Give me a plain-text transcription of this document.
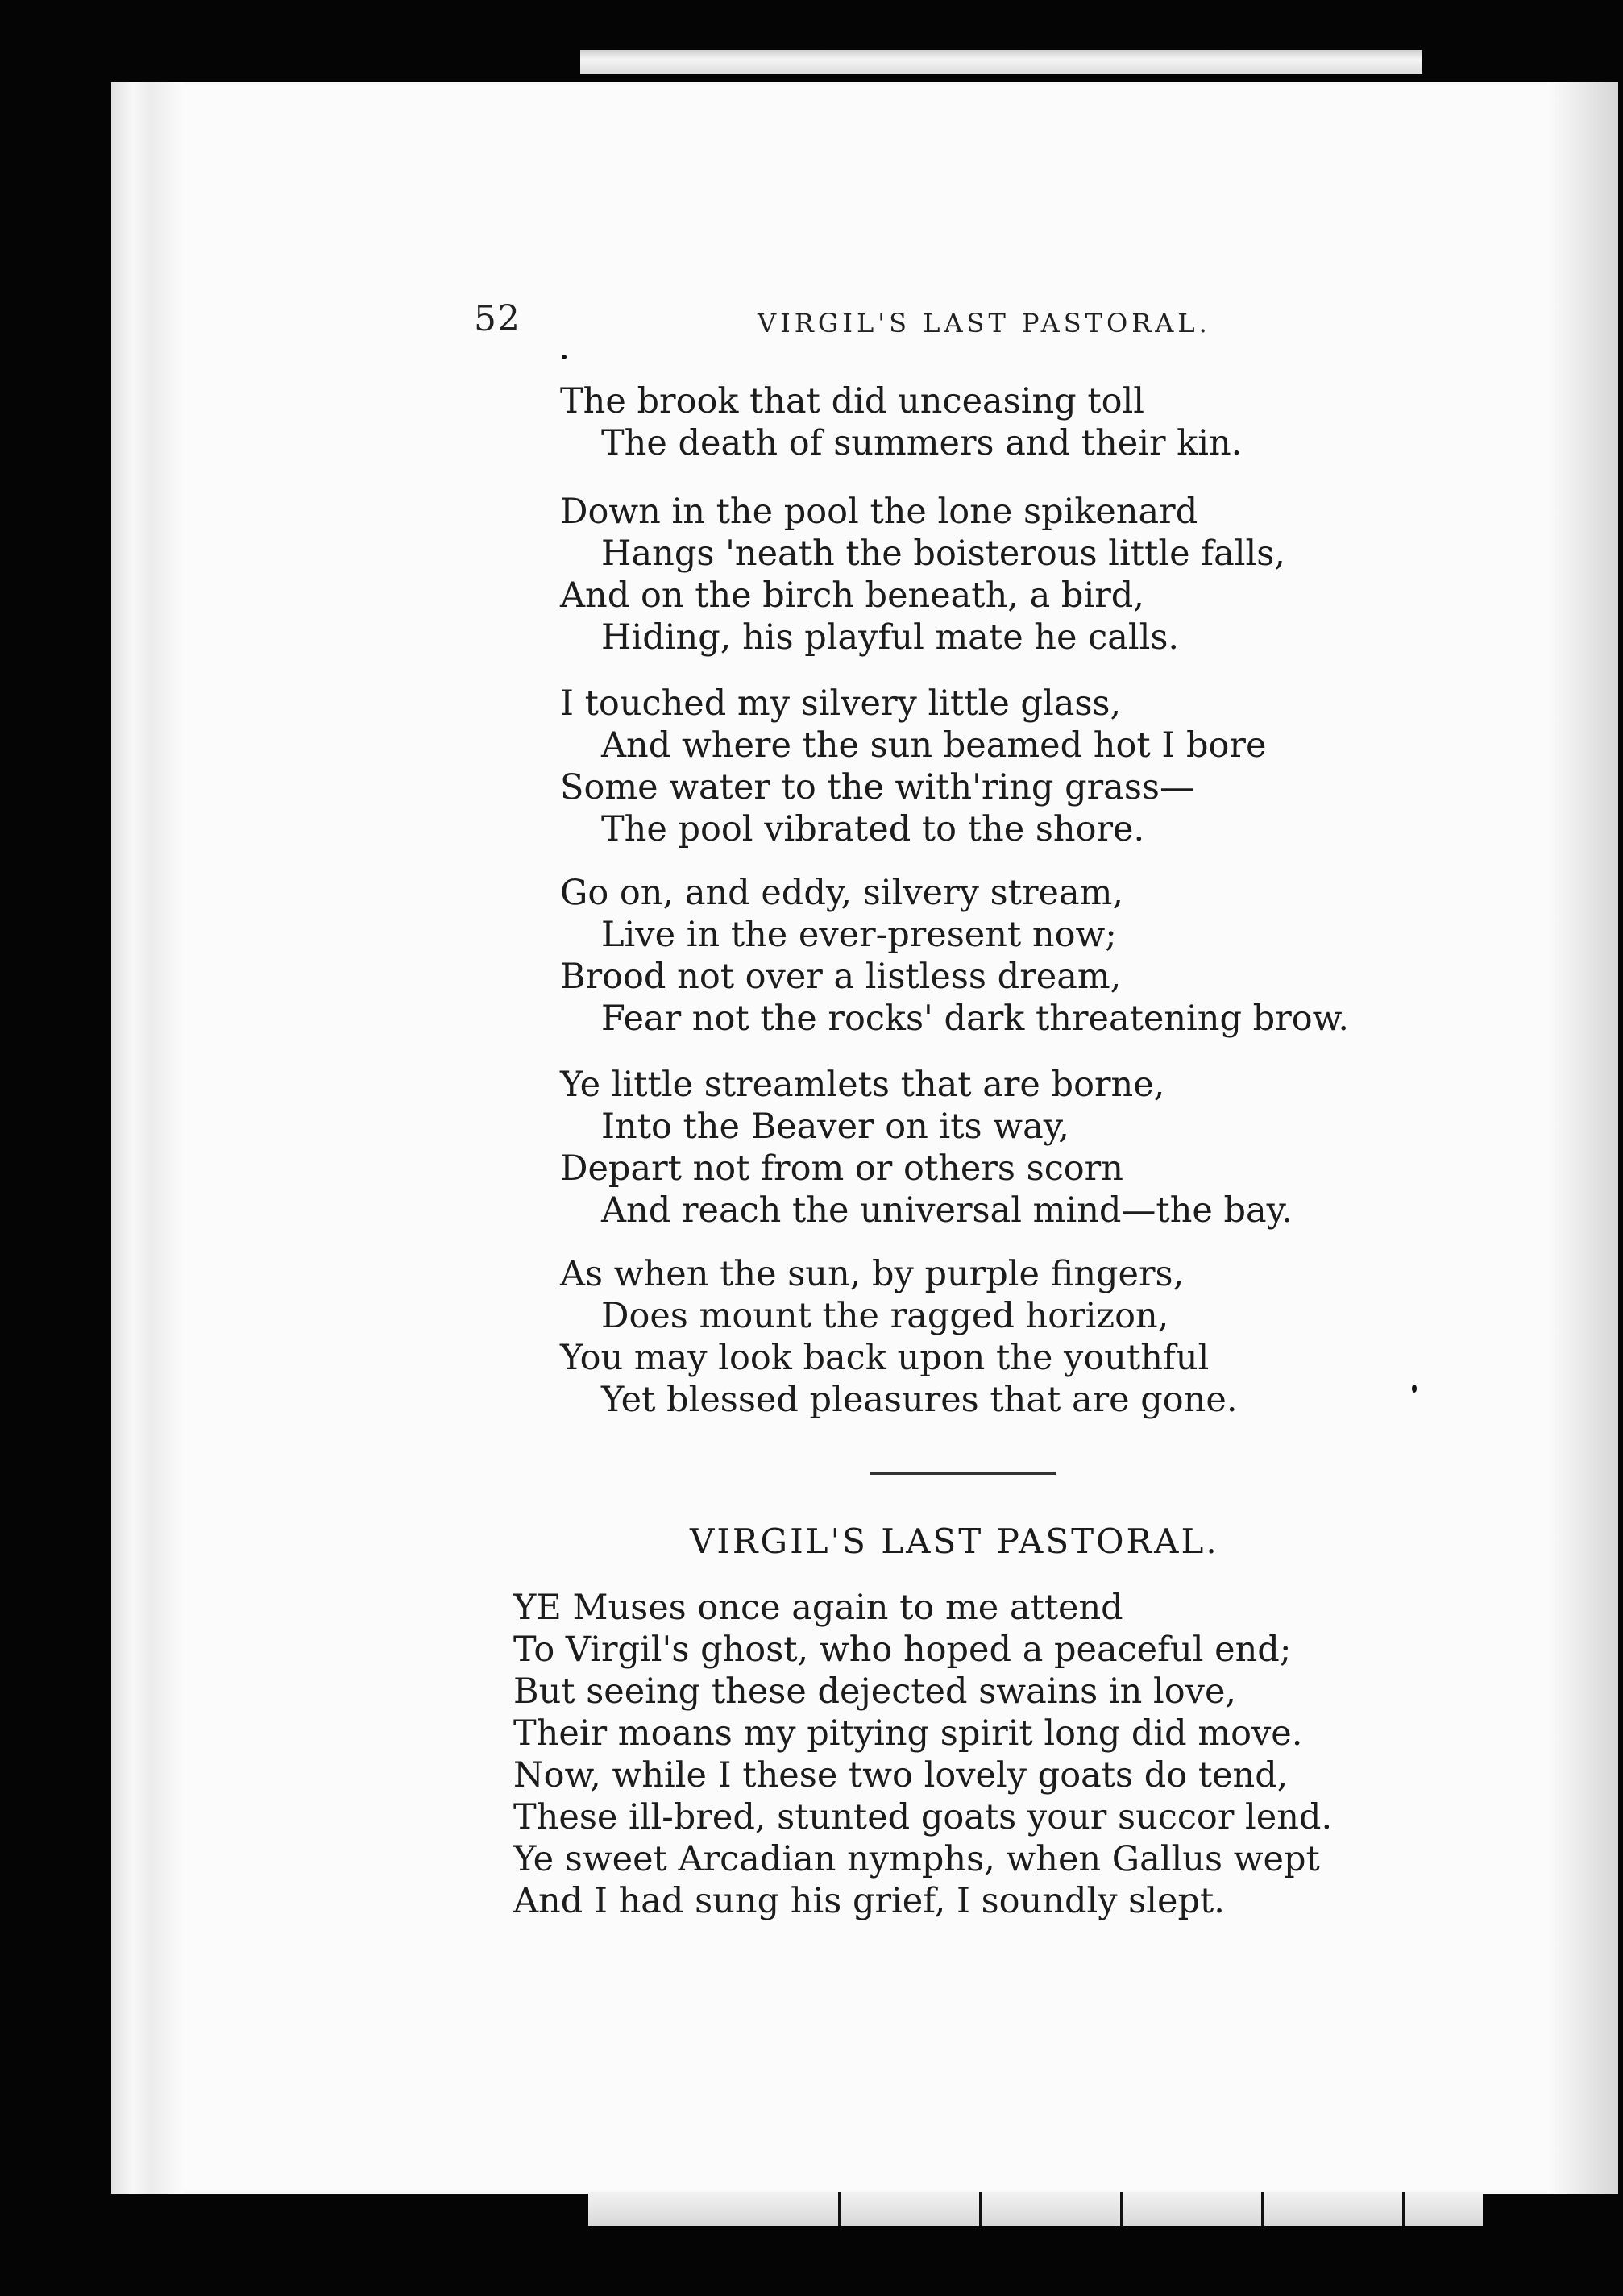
52	VIRGIL'S LAST PASTORAL.
The brook that did unceasing toll
The death of summers and their kin.
Down in the pool the lone spikenard
Hangs 'neath the boisterous little falls,
And on the birch beneath, a bird,
Hiding, his playful mate he calls.
I touched my silvery little glass,
And where the sun beamed hot I bore
Some water to the with'ring grass—
The pool vibrated to the shore.
Go on, and eddy, silvery stream,
Live in the ever-present now;
Brood not over a listless dream,
Fear not the rocks' dark threatening brow.
Ye little streamlets that are borne,
Into the Beaver on its way,
Depart not from or others scorn
And reach the universal mind—the bay.
As when the sun, by purple fingers,
Does mount the ragged horizon,
You may look back upon the youthful
Yet blessed pleasures that are gone.
VIRGIL'S LAST PASTORAL.
YE Muses once again to me attend
To Virgil's ghost, who hoped a peaceful end;
But seeing these dejected swains in love,
Their moans my pitying spirit long did move.
Now, while I these two lovely goats do tend,
These ill-bred, stunted goats your succor lend.
Ye sweet Arcadian nymphs, when Gallus wept
And I had sung his grief, I soundly slept.
